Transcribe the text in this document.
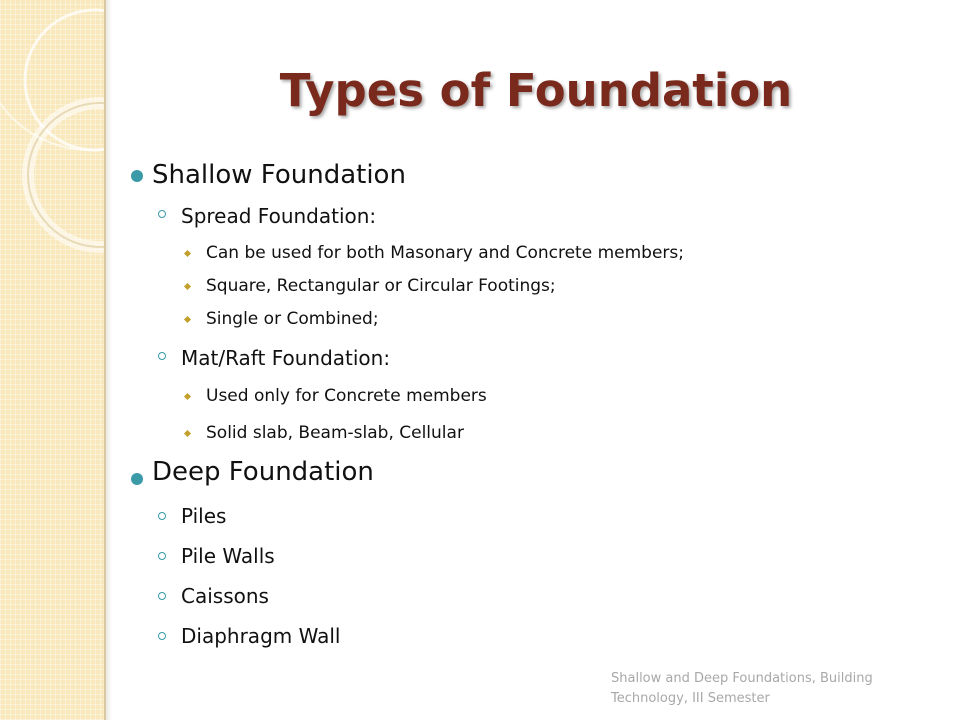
Types of Foundation
Shallow Foundation
Spread Foundation:
Can be used for both Masonary and Concrete members;
Square, Rectangular or Circular Footings;
Single or Combined;
Mat/Raft Foundation:
Used only for Concrete members
Solid slab, Beam-slab, Cellular
Deep Foundation
Piles
Pile Walls
Caissons
Diaphragm Wall
Shallow and Deep Foundations, Building
Technology, III Semester
